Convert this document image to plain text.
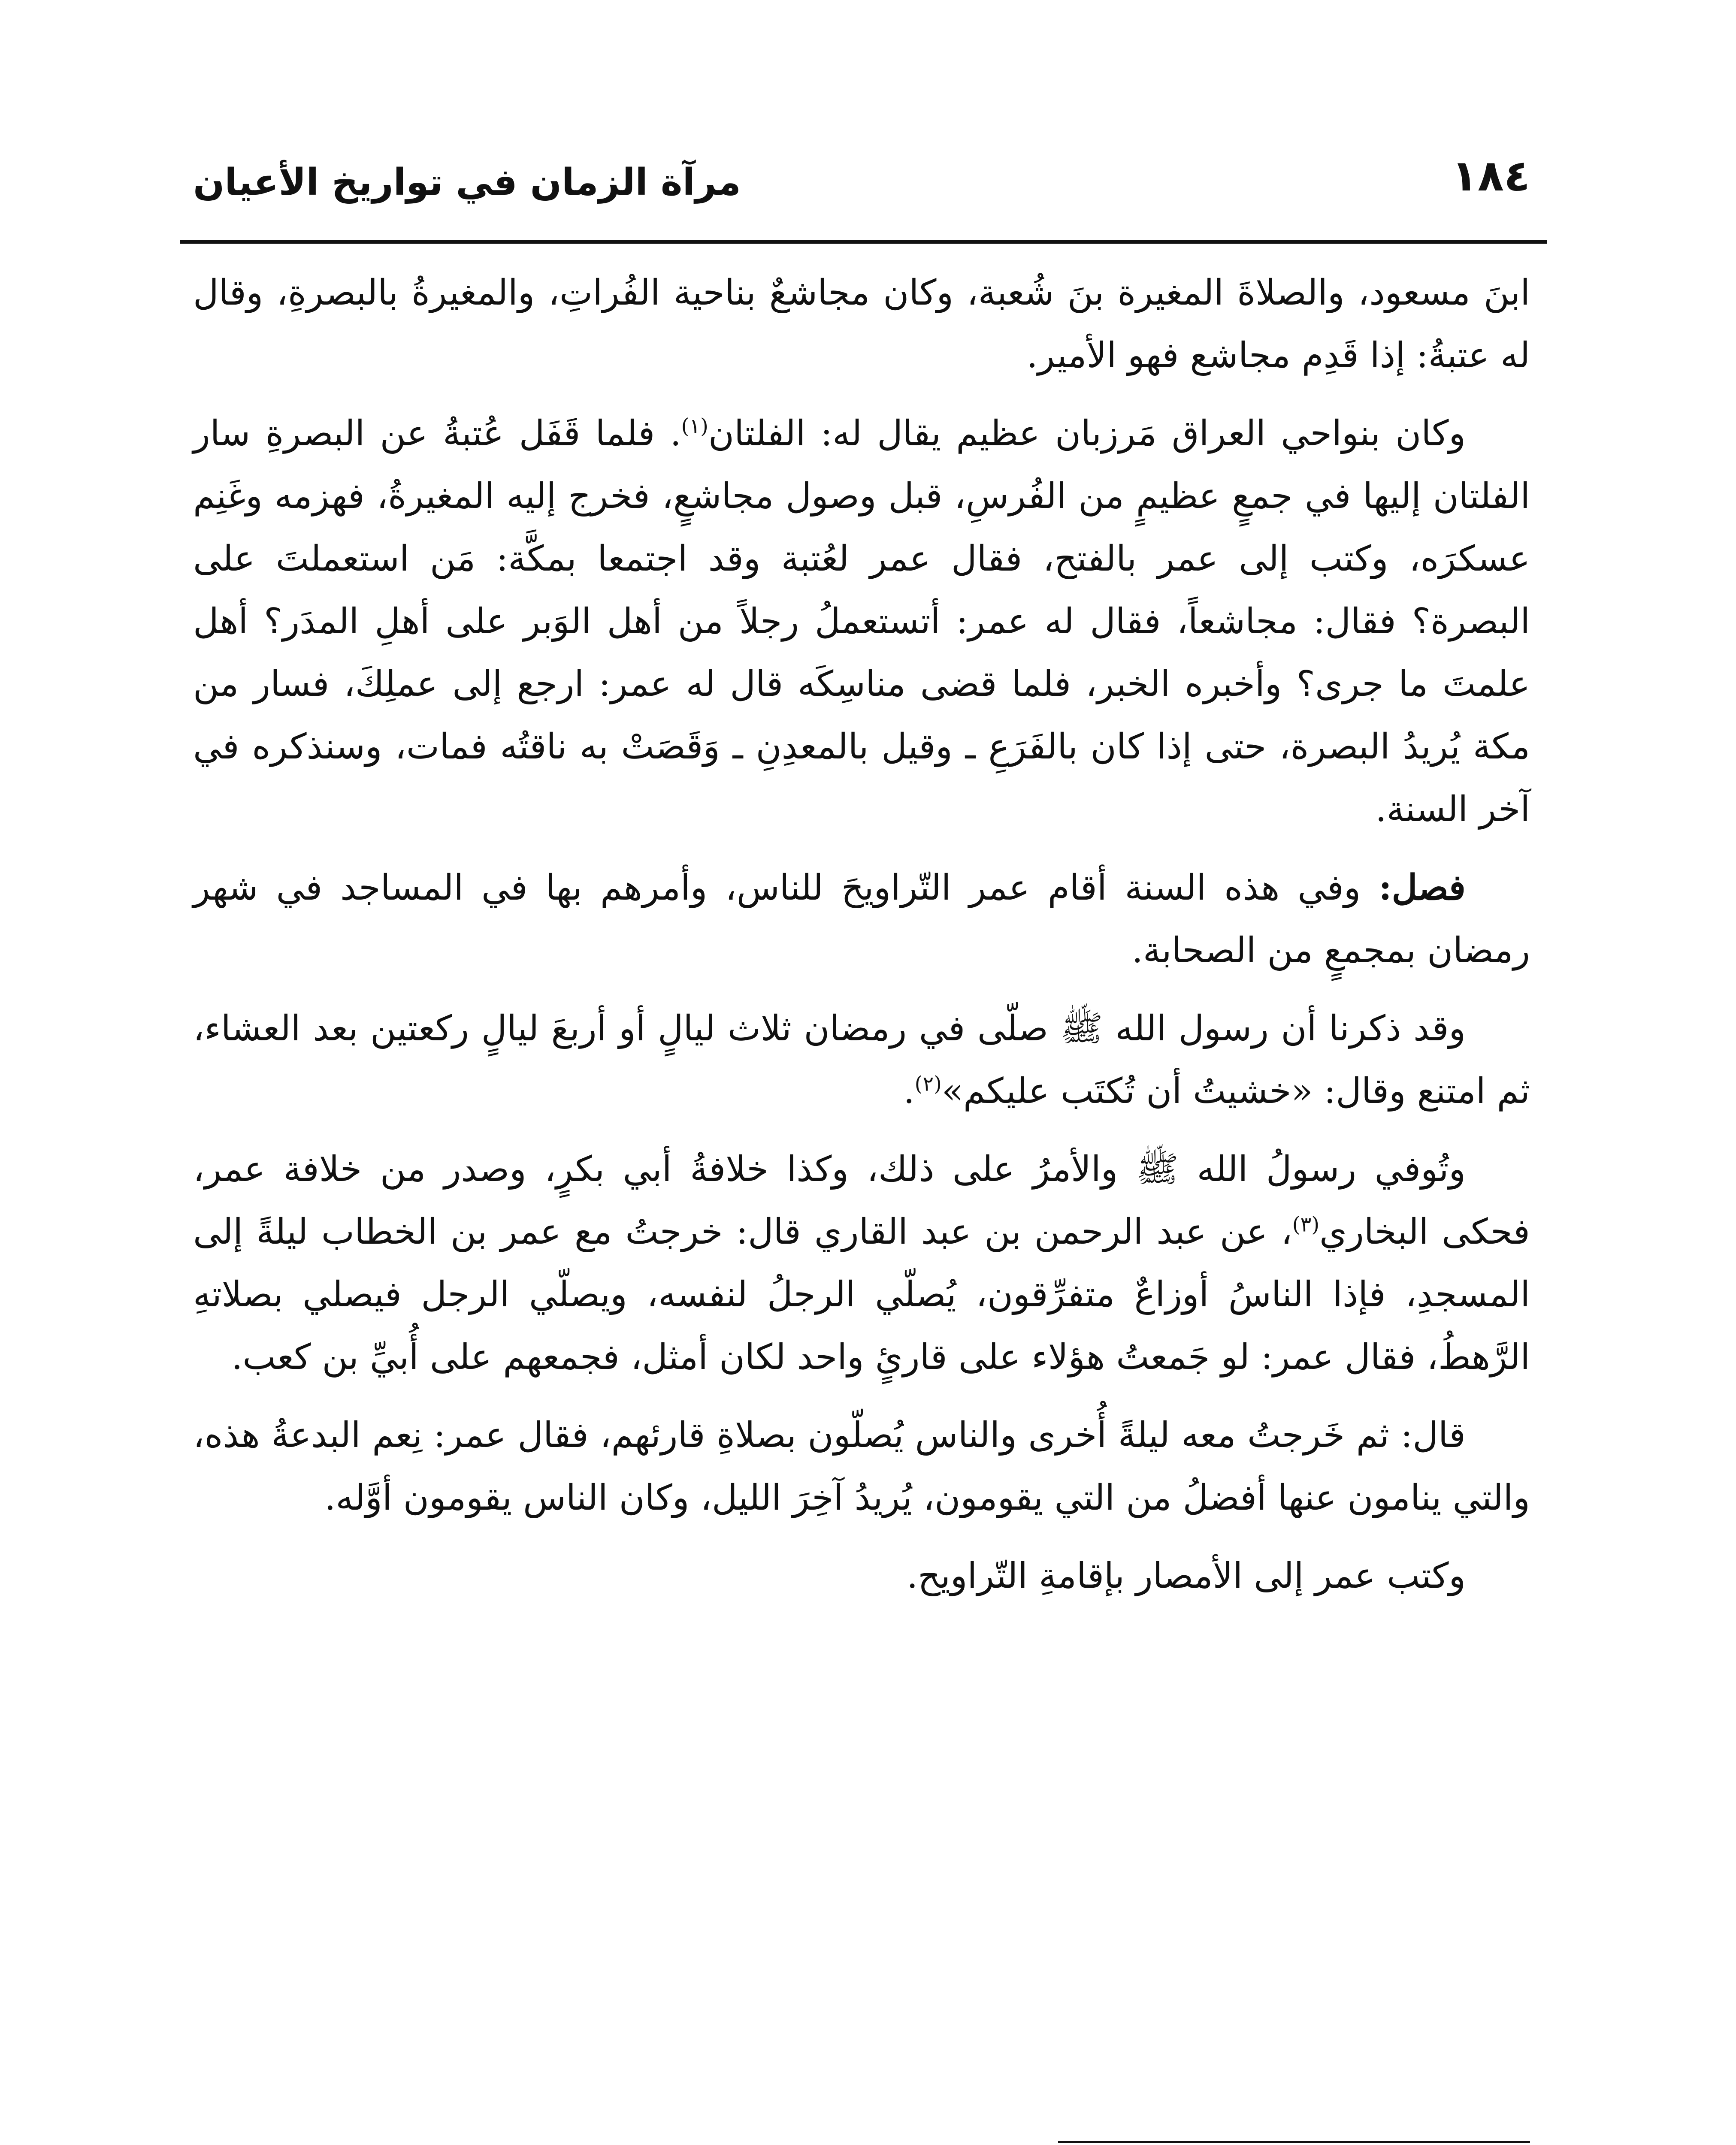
١٨٤
مرآة الزمان في تواريخ الأعيان

ابنَ مسعود، والصلاةَ المغيرة بنَ شُعبة، وكان مجاشعٌ بناحية الفُراتِ، والمغيرةُ بالبصرةِ، وقال له عتبةُ: إذا قَدِم مجاشع فهو الأمير.

وكان بنواحي العراق مَرزبان عظيم يقال له: الفلتان$^{(١)}$. فلما قَفَل عُتبةُ عن البصرةِ سار الفلتان إليها في جمعٍ عظيمٍ من الفُرسِ، قبل وصول مجاشعٍ، فخرج إليه المغيرةُ، فهزمه وغَنِم عسكرَه، وكتب إلى عمر بالفتح، فقال عمر لعُتبة وقد اجتمعا بمكَّة: مَن استعملتَ على البصرة؟ فقال: مجاشعاً، فقال له عمر: أتستعملُ رجلاً من أهل الوَبر على أهلِ المدَر؟ أهل علمتَ ما جرى؟ وأخبره الخبر، فلما قضى مناسِكَه قال له عمر: ارجع إلى عملِكَ، فسار من مكة يُريدُ البصرة، حتى إذا كان بالفَرَعِ ـ وقيل بالمعدِنِ ـ وَقَصَتْ به ناقتُه فمات، وسنذكره في آخر السنة.

فصل: وفي هذه السنة أقام عمر التّراويحَ للناس، وأمرهم بها في المساجد في شهر رمضان بمجمعٍ من الصحابة.

وقد ذكرنا أن رسول الله ﷺ صلّى في رمضان ثلاث ليالٍ أو أربعَ ليالٍ ركعتين بعد العشاء، ثم امتنع وقال: «خشيتُ أن تُكتَب عليكم»$^{(٢)}$.

وتُوفي رسولُ الله ﷺ والأمرُ على ذلك، وكذا خلافةُ أبي بكرٍ، وصدر من خلافة عمر، فحكى البخاري$^{(٣)}$، عن عبد الرحمن بن عبد القاري قال: خرجتُ مع عمر بن الخطاب ليلةً إلى المسجدِ، فإذا الناسُ أوزاعٌ متفرِّقون، يُصلّي الرجلُ لنفسه، ويصلّي الرجل فيصلي بصلاتهِ الرَّهطُ، فقال عمر: لو جَمعتُ هؤلاء على قارئٍ واحد لكان أمثل، فجمعهم على أُبيِّ بن كعب.

قال: ثم خَرجتُ معه ليلةً أُخرى والناس يُصلّون بصلاةِ قارئهم، فقال عمر: نِعم البدعةُ هذه، والتي ينامون عنها أفضلُ من التي يقومون، يُريدُ آخِرَ الليل، وكان الناس يقومون أوَّله.

وكتب عمر إلى الأمصار بإقامةِ التّراويح.
